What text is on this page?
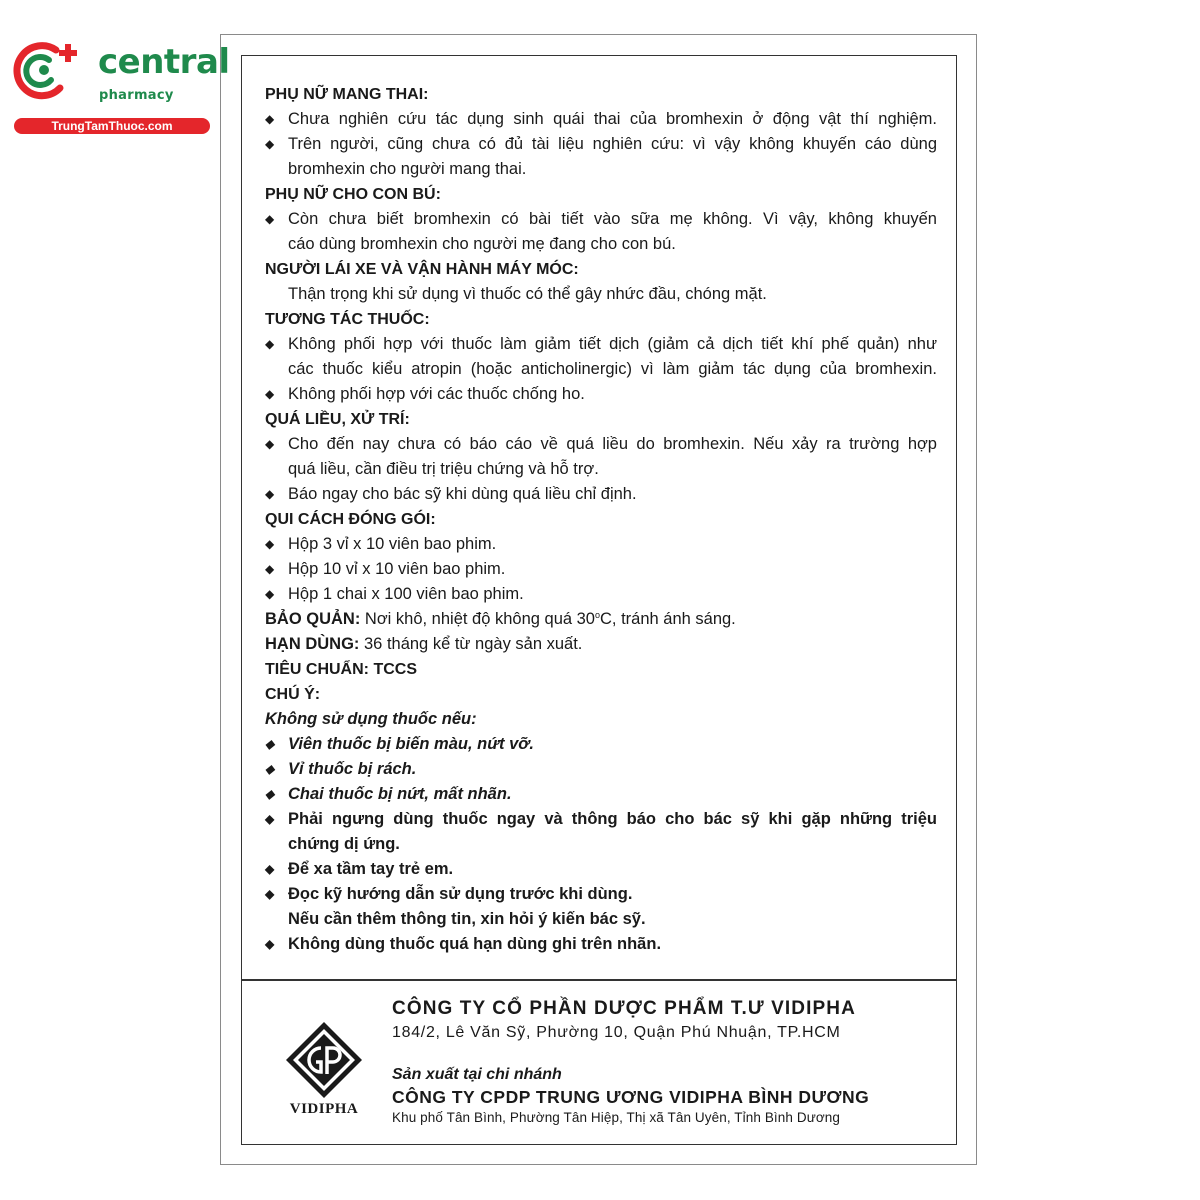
central
pharmacy
TrungTamThuoc.com
PHỤ NỮ MANG THAI:
◆ Chưa nghiên cứu tác dụng sinh quái thai của bromhexin ở động vật thí nghiệm.
◆ Trên người, cũng chưa có đủ tài liệu nghiên cứu: vì vậy không khuyến cáo dùng
bromhexin cho người mang thai.
PHỤ NỮ CHO CON BÚ:
◆ Còn chưa biết bromhexin có bài tiết vào sữa mẹ không. Vì vậy, không khuyến
cáo dùng bromhexin cho người mẹ đang cho con bú.
NGƯỜI LÁI XE VÀ VẬN HÀNH MÁY MÓC:
Thận trọng khi sử dụng vì thuốc có thể gây nhức đầu, chóng mặt.
TƯƠNG TÁC THUỐC:
◆ Không phối hợp với thuốc làm giảm tiết dịch (giảm cả dịch tiết khí phế quản) như
các thuốc kiểu atropin (hoặc anticholinergic) vì làm giảm tác dụng của bromhexin.
◆ Không phối hợp với các thuốc chống ho.
QUÁ LIỀU, XỬ TRÍ:
◆ Cho đến nay chưa có báo cáo về quá liều do bromhexin. Nếu xảy ra trường hợp
quá liều, cần điều trị triệu chứng và hỗ trợ.
◆ Báo ngay cho bác sỹ khi dùng quá liều chỉ định.
QUI CÁCH ĐÓNG GÓI:
◆ Hộp 3 vỉ x 10 viên bao phim.
◆ Hộp 10 vỉ x 10 viên bao phim.
◆ Hộp 1 chai x 100 viên bao phim.
BẢO QUẢN: Nơi khô, nhiệt độ không quá 30$^o$C, tránh ánh sáng.
HẠN DÙNG: 36 tháng kể từ ngày sản xuất.
TIÊU CHUẨN: TCCS
CHÚ Ý:
Không sử dụng thuốc nếu:
◆ Viên thuốc bị biến màu, nứt vỡ.
◆ Vỉ thuốc bị rách.
◆ Chai thuốc bị nứt, mất nhãn.
◆ Phải ngưng dùng thuốc ngay và thông báo cho bác sỹ khi gặp những triệu
chứng dị ứng.
◆ Để xa tầm tay trẻ em.
◆ Đọc kỹ hướng dẫn sử dụng trước khi dùng.
Nếu cần thêm thông tin, xin hỏi ý kiến bác sỹ.
◆ Không dùng thuốc quá hạn dùng ghi trên nhãn.
VIDIPHA
CÔNG TY CỔ PHẦN DƯỢC PHẨM T.Ư VIDIPHA
184/2, Lê Văn Sỹ, Phường 10, Quận Phú Nhuận, TP.HCM
Sản xuất tại chi nhánh
CÔNG TY CPDP TRUNG ƯƠNG VIDIPHA BÌNH DƯƠNG
Khu phố Tân Bình, Phường Tân Hiệp, Thị xã Tân Uyên, Tỉnh Bình Dương
